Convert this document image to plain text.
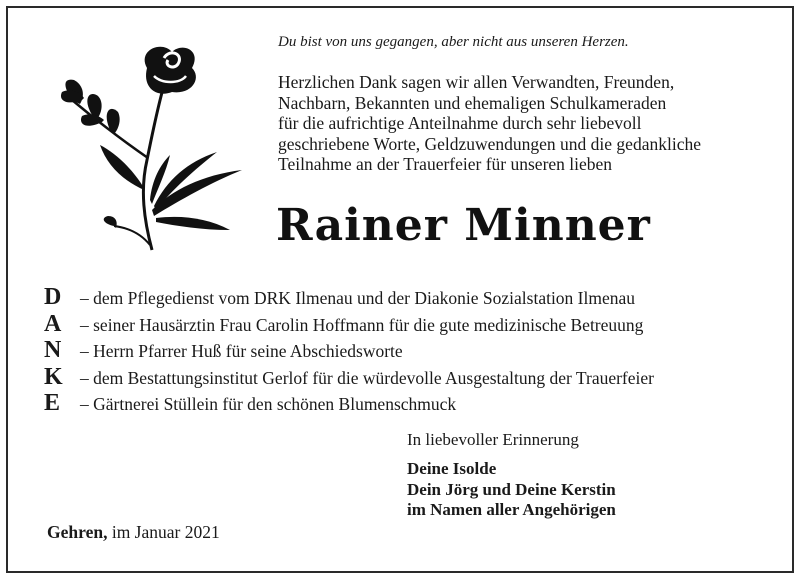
Du bist von uns gegangen, aber nicht aus unseren Herzen.
Herzlichen Dank sagen wir allen Verwandten, Freunden,
Nachbarn, Bekannten und ehemaligen Schulkameraden
für die aufrichtige Anteilnahme durch sehr liebevoll
geschriebene Worte, Geldzuwendungen und die gedankliche
Teilnahme an der Trauerfeier für unseren lieben
Rainer Minner
D	– dem Pflegedienst vom DRK Ilmenau und der Diakonie Sozialstation Ilmenau
A	– seiner Hausärztin Frau Carolin Hoffmann für die gute medizinische Betreuung
N	– Herrn Pfarrer Huß für seine Abschiedsworte
K – dem Bestattungsinstitut Gerlof für die würdevolle Ausgestaltung der Trauerfeier
E	– Gärtnerei Stüllein für den schönen Blumenschmuck
In liebevoller Erinnerung
Deine Isolde
Dein Jörg und Deine Kerstin
im Namen aller Angehörigen
Gehren, im Januar 2021
